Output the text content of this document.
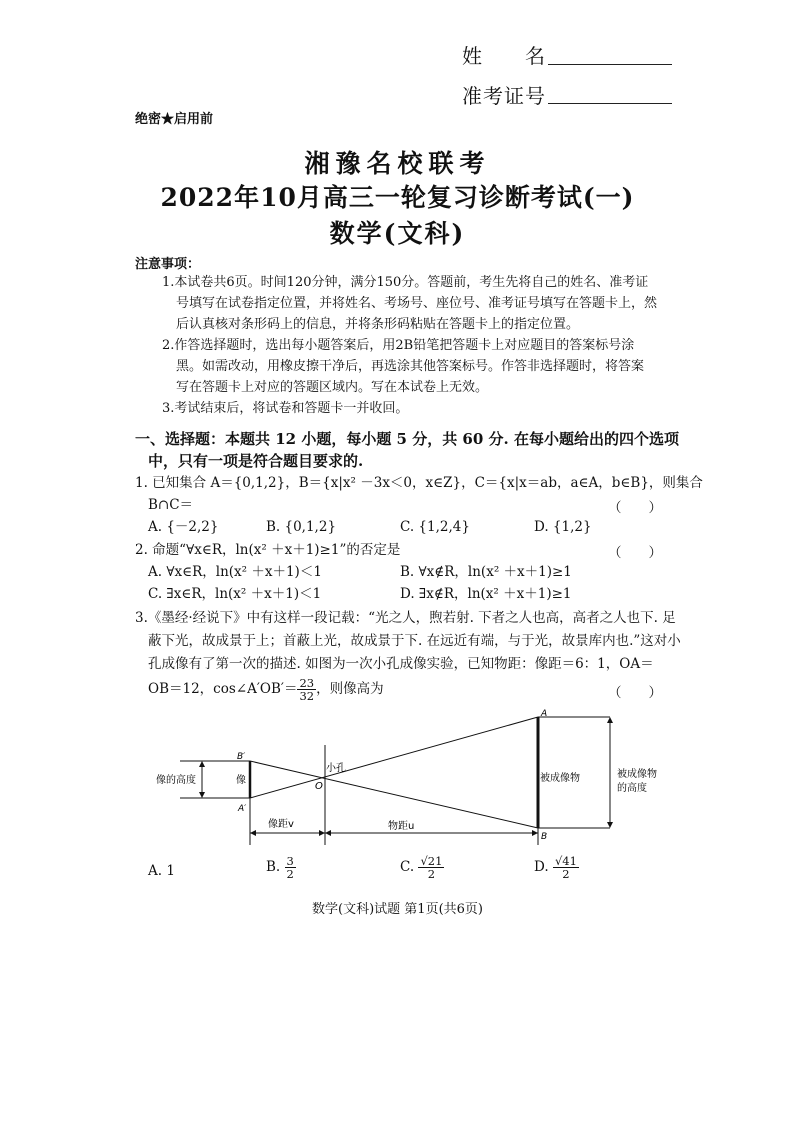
姓　　名
准考证号
绝密★启用前
湘豫名校联考
2022年10月高三一轮复习诊断考试(一)
数学(文科)
注意事项：
1.本试卷共6页。时间120分钟，满分150分。答题前，考生先将自己的姓名、准考证
号填写在试卷指定位置，并将姓名、考场号、座位号、准考证号填写在答题卡上，然
后认真核对条形码上的信息，并将条形码粘贴在答题卡上的指定位置。
2.作答选择题时，选出每小题答案后，用2B铅笔把答题卡上对应题目的答案标号涂
黑。如需改动，用橡皮擦干净后，再选涂其他答案标号。作答非选择题时，将答案
写在答题卡上对应的答题区域内。写在本试卷上无效。
3.考试结束后，将试卷和答题卡一并收回。
一、选择题：本题共 12 小题，每小题 5 分，共 60 分. 在每小题给出的四个选项
中，只有一项是符合题目要求的.
1. 已知集合 A＝{0,1,2}，B＝{x|x² －3x＜0，x∈Z}，C＝{x|x＝ab，a∈A，b∈B}，则集合
B∩C＝	（　　）
A. {－2,2}	B. {0,1,2}	C. {1,2,4}	D. {1,2}
2. 命题“∀x∈R，ln(x² ＋x＋1)≥1”的否定是	（　　）
A. ∀x∈R，ln(x² ＋x＋1)＜1	B. ∀x∉R，ln(x² ＋x＋1)≥1
C. ∃x∈R，ln(x² ＋x＋1)＜1	D. ∃x∉R，ln(x² ＋x＋1)≥1
3.《墨经·经说下》中有这样一段记载：“光之人，煦若射. 下者之人也高，高者之人也下. 足
蔽下光，故成景于上；首蔽上光，故成景于下. 在远近有端，与于光，故景库内也.”这对小
孔成像有了第一次的描述. 如图为一次小孔成像实验，已知物距：像距＝6：1，OA＝
OB＝12，cos∠A′OB′＝ $\frac{23}{32}$ ，则像高为	（　　）
像的高度	像
B′
A′
小孔
O
A
B
被成像物	被成像物
的高度
像距v	物距u
A. 1	B. $\frac{3}{2}$	C. $\frac{√21}{2}$	D. $\frac{√41}{2}$
数学(文科)试题 第1页(共6页)
